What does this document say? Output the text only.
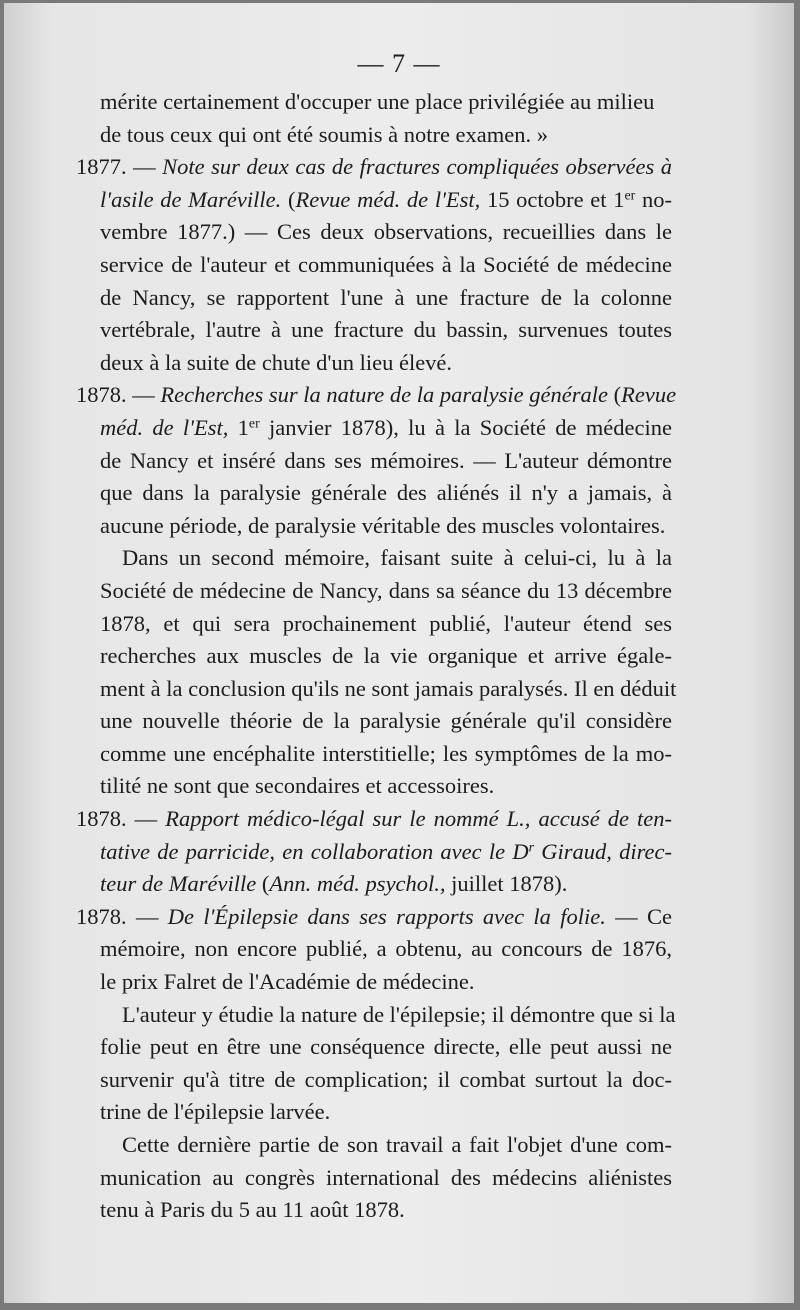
— 7 —
mérite certainement d'occuper une place privilégiée au milieu
de tous ceux qui ont été soumis à notre examen. »
1877. — Note sur deux cas de fractures compliquées observées à
l'asile de Maréville. (Revue méd. de l'Est, 15 octobre et 1er no-
vembre 1877.) — Ces deux observations, recueillies dans le
service de l'auteur et communiquées à la Société de médecine
de Nancy, se rapportent l'une à une fracture de la colonne
vertébrale, l'autre à une fracture du bassin, survenues toutes
deux à la suite de chute d'un lieu élevé.
1878. — Recherches sur la nature de la paralysie générale (Revue
méd. de l'Est, 1er janvier 1878), lu à la Société de médecine
de Nancy et inséré dans ses mémoires. — L'auteur démontre
que dans la paralysie générale des aliénés il n'y a jamais, à
aucune période, de paralysie véritable des muscles volontaires.
Dans un second mémoire, faisant suite à celui-ci, lu à la
Société de médecine de Nancy, dans sa séance du 13 décembre
1878, et qui sera prochainement publié, l'auteur étend ses
recherches aux muscles de la vie organique et arrive égale-
ment à la conclusion qu'ils ne sont jamais paralysés. Il en déduit
une nouvelle théorie de la paralysie générale qu'il considère
comme une encéphalite interstitielle; les symptômes de la mo-
tilité ne sont que secondaires et accessoires.
1878. — Rapport médico-légal sur le nommé L., accusé de ten-
tative de parricide, en collaboration avec le $D^r$ Giraud, direc-
teur de Maréville (Ann. méd. psychol., juillet 1878).
1878. — De l'Épilepsie dans ses rapports avec la folie. — Ce
mémoire, non encore publié, a obtenu, au concours de 1876,
le prix Falret de l'Académie de médecine.
L'auteur y étudie la nature de l'épilepsie; il démontre que si la
folie peut en être une conséquence directe, elle peut aussi ne
survenir qu'à titre de complication; il combat surtout la doc-
trine de l'épilepsie larvée.
Cette dernière partie de son travail a fait l'objet d'une com-
munication au congrès international des médecins aliénistes
tenu à Paris du 5 au 11 août 1878.
